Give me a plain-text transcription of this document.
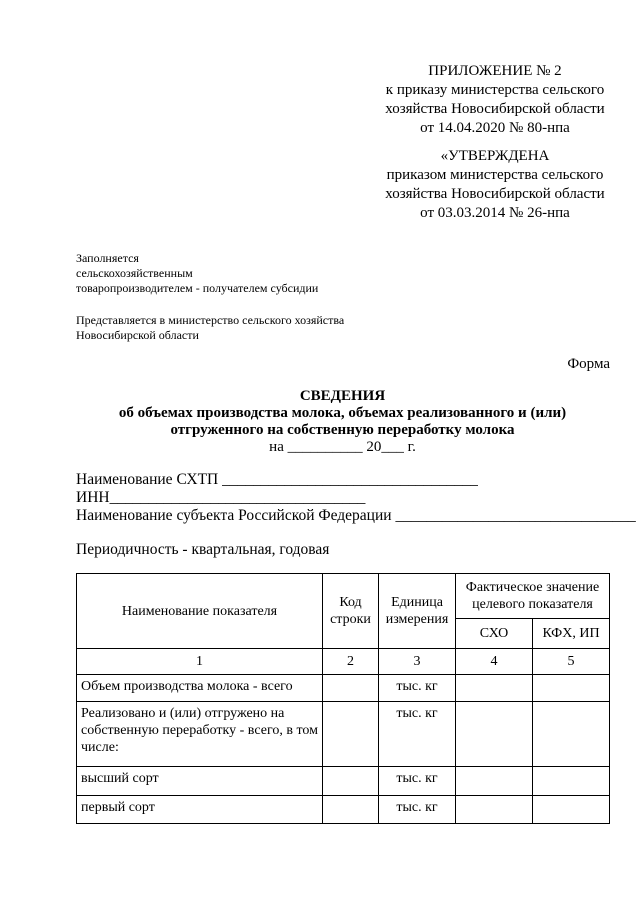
ПРИЛОЖЕНИЕ № 2
к приказу министерства сельского
хозяйства Новосибирской области
от 14.04.2020 № 80-нпа
«УТВЕРЖДЕНА
приказом министерства сельского
хозяйства Новосибирской области
от 03.03.2014 № 26-нпа
Заполняется
сельскохозяйственным
товаропроизводителем - получателем субсидии
Представляется в министерство сельского хозяйства
Новосибирской области
Форма
СВЕДЕНИЯ
об объемах производства молока, объемах реализованного и (или)
отгруженного на собственную переработку молока
на __________ 20___ г.
Наименование СХТП _________________________________
ИНН_________________________________
Наименование субъекта Российской Федерации _______________________________
Периодичность - квартальная, годовая
Наименование показателя	Код строки	Единица измерения	Фактическое значение целевого показателя	
			СХО	КФХ, ИП
1	2	3	4	5
Объем производства молока - всего		тыс. кг		
Реализовано и (или) отгружено на собственную переработку - всего, в том числе:		тыс. кг		
высший сорт		тыс. кг		
первый сорт		тыс. кг		
